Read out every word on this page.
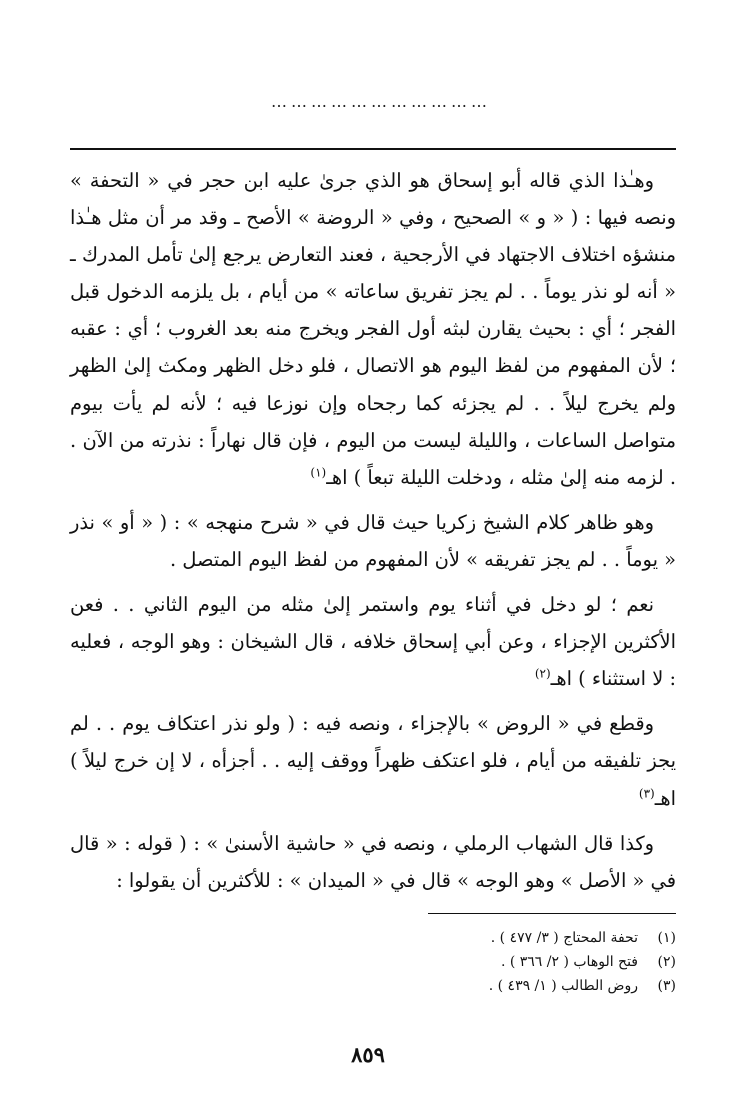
……………………………

وهـٰذا الذي قاله أبو إسحاق هو الذي جرىٰ عليه ابن حجر في « التحفة » ونصه فيها : ( « و » الصحيح ، وفي « الروضة » الأصح ـ وقد مر أن مثل هـٰذا منشؤه اختلاف الاجتهاد في الأرجحية ، فعند التعارض يرجع إلىٰ تأمل المدرك ـ « أنه لو نذر يوماً . . لم يجز تفريق ساعاته » من أيام ، بل يلزمه الدخول قبل الفجر ؛ أي : بحيث يقارن لبثه أول الفجر ويخرج منه بعد الغروب ؛ أي : عقبه ؛ لأن المفهوم من لفظ اليوم هو الاتصال ، فلو دخل الظهر ومكث إلىٰ الظهر ولم يخرج ليلاً . . لم يجزئه كما رجحاه وإن نوزعا فيه ؛ لأنه لم يأت بيوم متواصل الساعات ، والليلة ليست من اليوم ، فإن قال نهاراً : نذرته من الآن . . لزمه منه إلىٰ مثله ، ودخلت الليلة تبعاً ) اهـ$^{(١)}$

وهو ظاهر كلام الشيخ زكريا حيث قال في « شرح منهجه » : ( « أو » نذر « يوماً . . لم يجز تفريقه » لأن المفهوم من لفظ اليوم المتصل .

نعم ؛ لو دخل في أثناء يوم واستمر إلىٰ مثله من اليوم الثاني . . فعن الأكثرين الإجزاء ، وعن أبي إسحاق خلافه ، قال الشيخان : وهو الوجه ، فعليه : لا استثناء ) اهـ$^{(٢)}$

وقطع في « الروض » بالإجزاء ، ونصه فيه : ( ولو نذر اعتكاف يوم . . لم يجز تلفيقه من أيام ، فلو اعتكف ظهراً ووقف إليه . . أجزأه ، لا إن خرج ليلاً ) اهـ$^{(٣)}$

وكذا قال الشهاب الرملي ، ونصه في « حاشية الأسنىٰ » : ( قوله : « قال في « الأصل » وهو الوجه » قال في « الميدان » : للأكثرين أن يقولوا :

(١)
تحفة المحتاج ( ٣/ ٤٧٧ ) .
(٢)
فتح الوهاب ( ٢/ ٣٦٦ ) .
(٣)
روض الطالب ( ١/ ٤٣٩ ) .
٨٥٩
